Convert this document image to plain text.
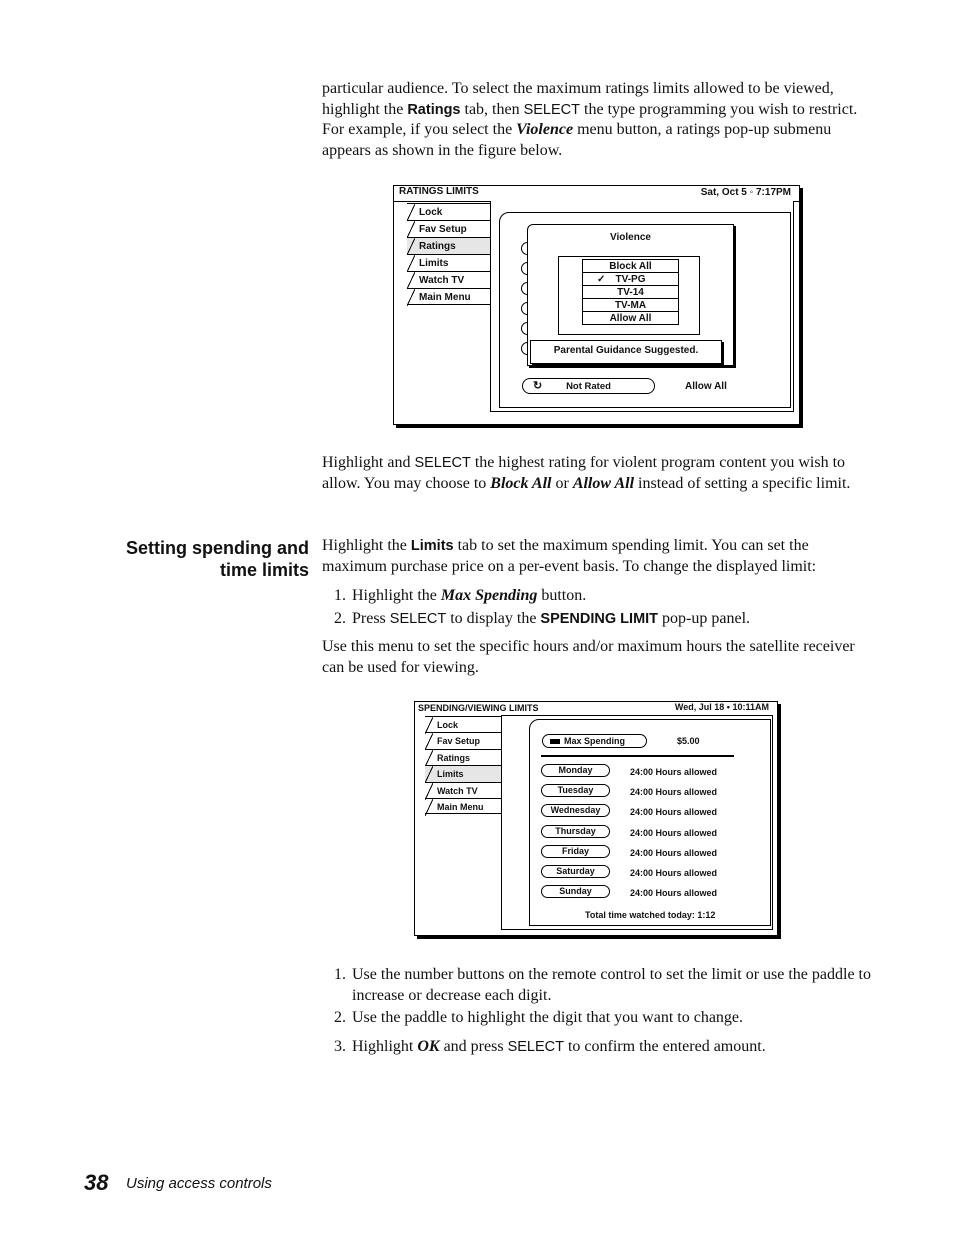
particular audience. To select the maximum ratings limits allowed to be viewed, highlight the Ratings tab, then SELECT the type programming you wish to restrict. For example, if you select the Violence menu button, a ratings pop-up submenu appears as shown in the figure below.
RATINGS LIMITS	Sat, Oct 5 ◦ 7:17PM
Lock
Fav Setup
Ratings
Limits
Watch TV
Main Menu
Violence
Block All
✓ TV-PG
TV-14
TV-MA
Allow All
Parental Guidance Suggested.
↻	Not Rated	Allow All
Highlight and SELECT the highest rating for violent program content you wish to allow. You may choose to Block All or Allow All instead of setting a specific limit.
Setting spending and
time limits
Highlight the Limits tab to set the maximum spending limit. You can set the maximum purchase price on a per-event basis. To change the displayed limit:
1. Highlight the Max Spending button.
2. Press SELECT to display the SPENDING LIMIT pop-up panel.
Use this menu to set the specific hours and/or maximum hours the satellite receiver can be used for viewing.
SPENDING/VIEWING LIMITS	Wed, Jul 18 • 10:11AM
Lock
Fav Setup
Ratings
Limits
Watch TV
Main Menu
Max Spending	$5.00
Total time watched today: 1:12
Monday	24:00 Hours allowed
Tuesday	24:00 Hours allowed
Wednesday	24:00 Hours allowed
Thursday	24:00 Hours allowed
Friday	24:00 Hours allowed
Saturday	24:00 Hours allowed
Sunday	24:00 Hours allowed
1. Use the number buttons on the remote control to set the limit or use the paddle to increase or decrease each digit.
2. Use the paddle to highlight the digit that you want to change.
3. Highlight OK and press SELECT to confirm the entered amount.
38 Using access controls
